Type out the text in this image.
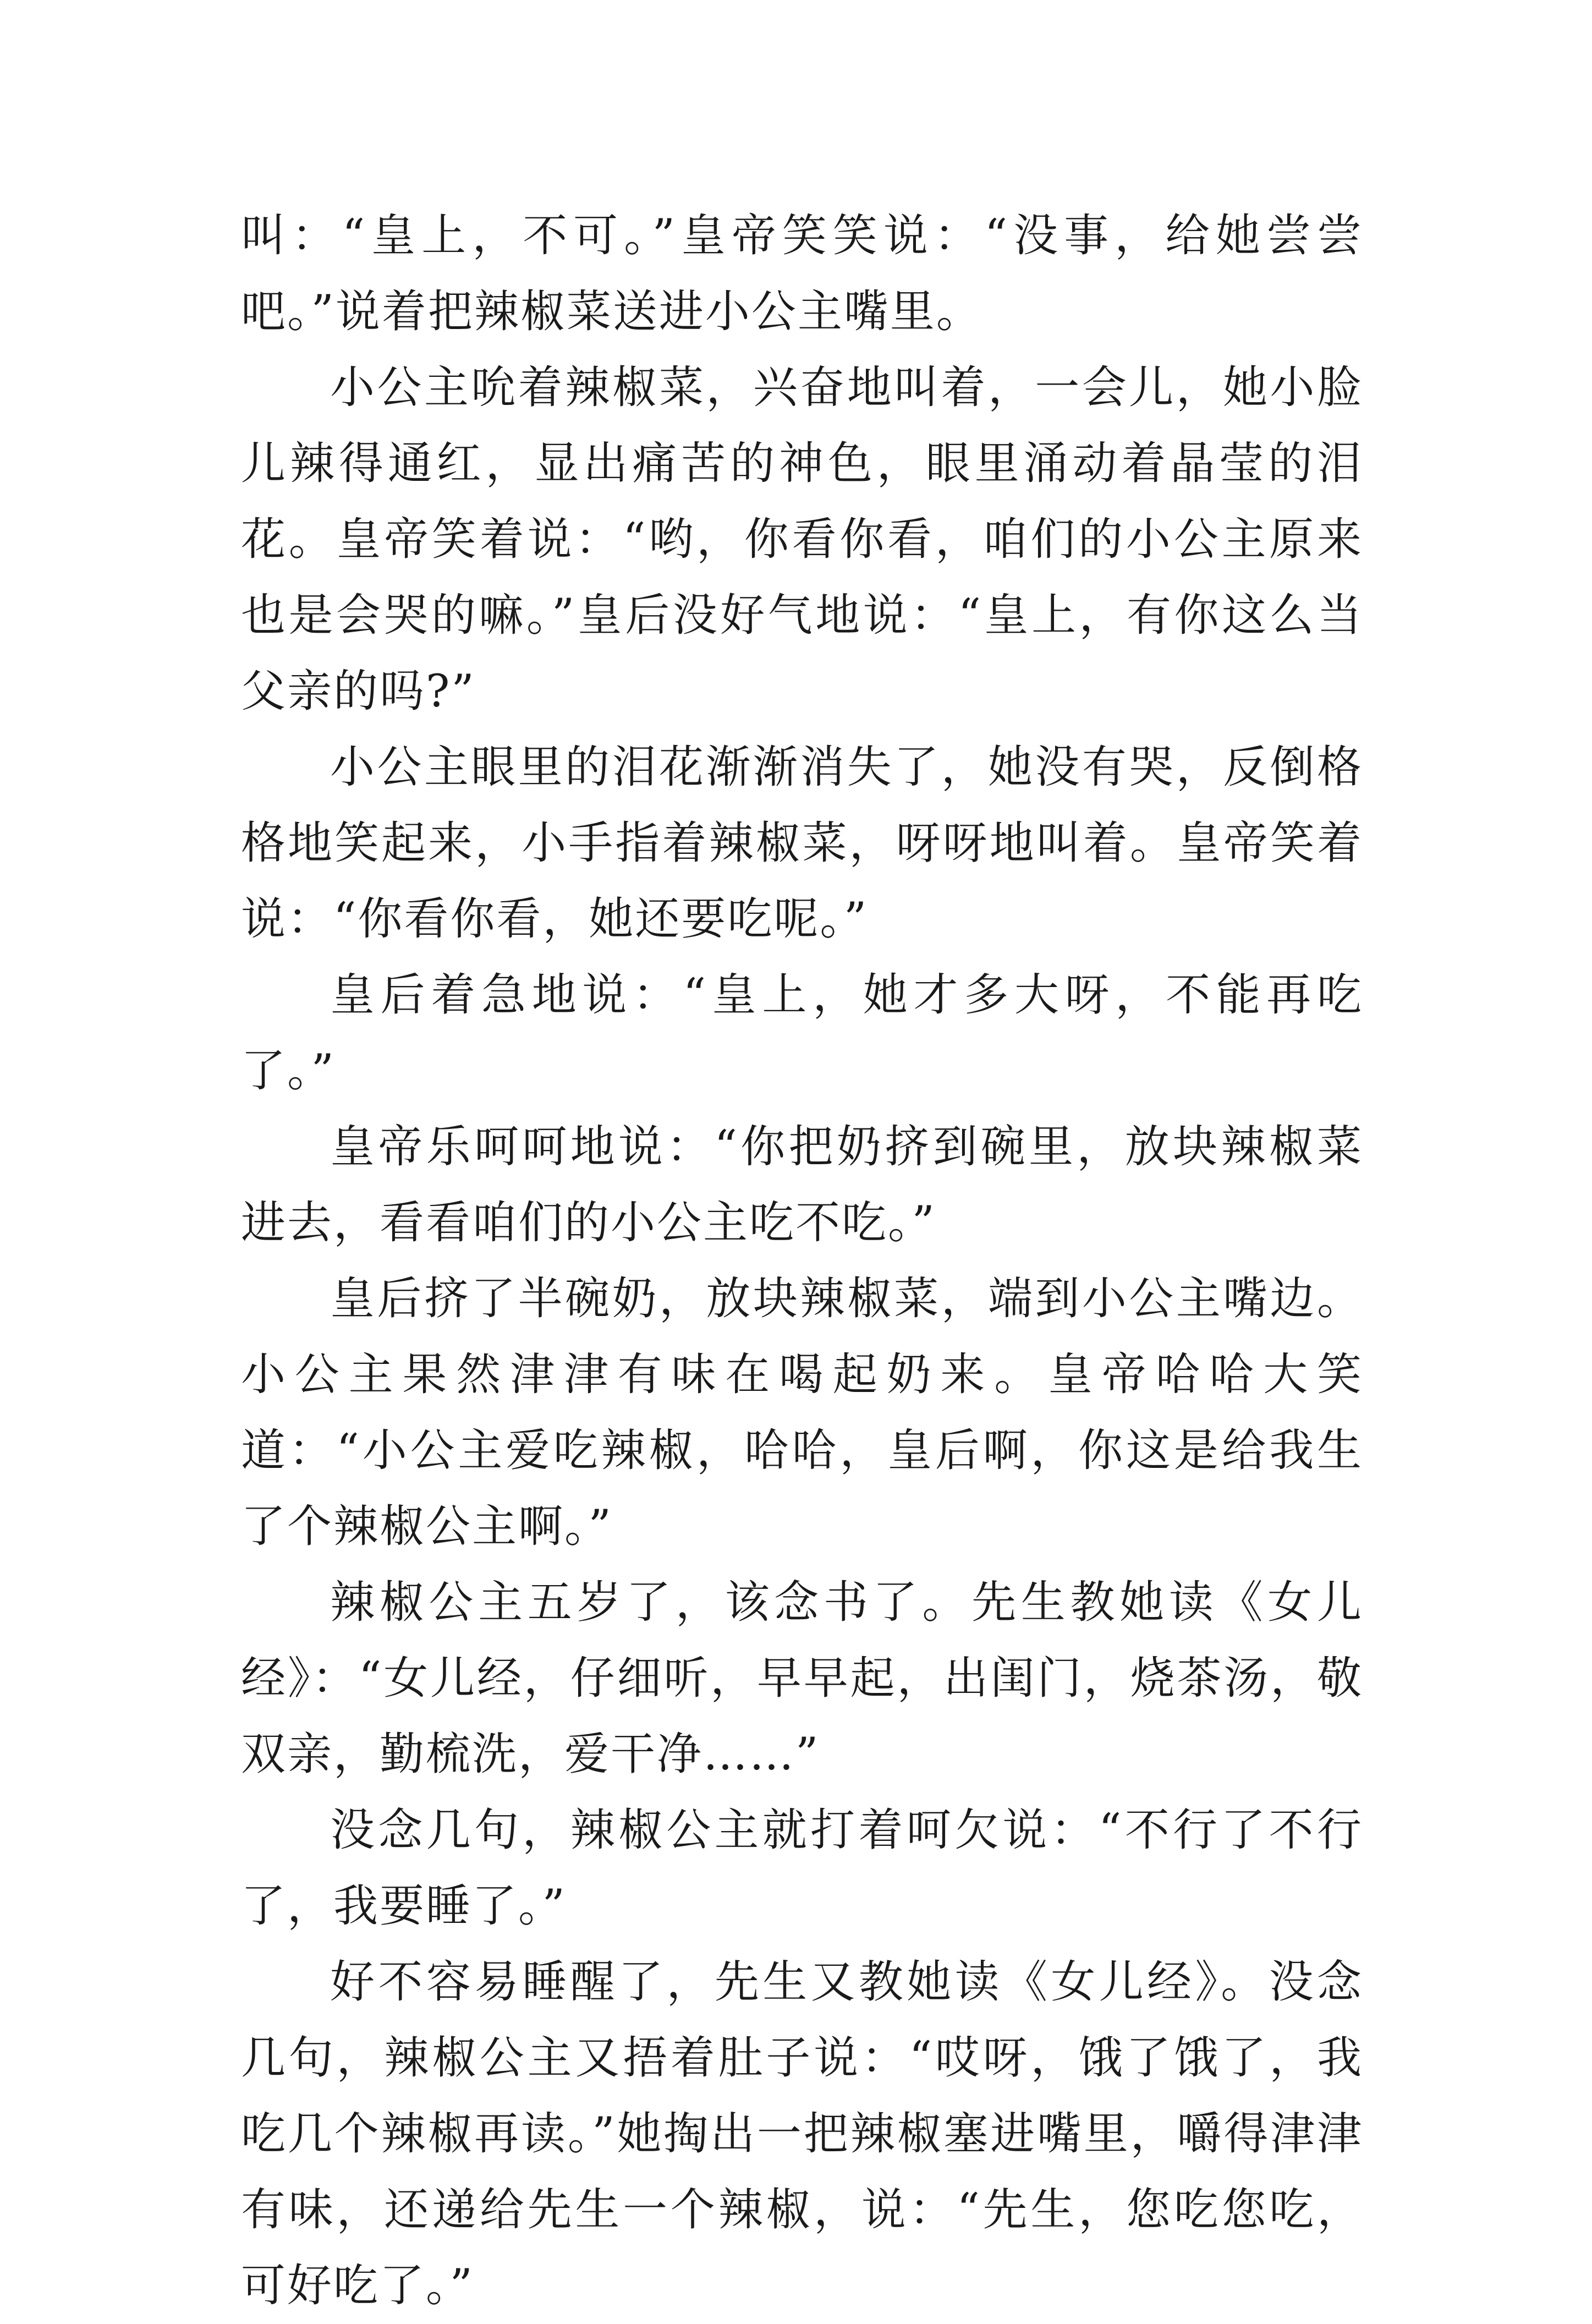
叫：“皇上，不可。”皇帝笑笑说：“没事，给她尝尝吧。”说着把辣椒菜送进小公主嘴里。

小公主吮着辣椒菜，兴奋地叫着，一会儿，她小脸儿辣得通红，显出痛苦的神色，眼里涌动着晶莹的泪花。皇帝笑着说：“哟，你看你看，咱们的小公主原来也是会哭的嘛。”皇后没好气地说：“皇上，有你这么当父亲的吗?”

小公主眼里的泪花渐渐消失了，她没有哭，反倒格格地笑起来，小手指着辣椒菜，呀呀地叫着。皇帝笑着说：“你看你看，她还要吃呢。”

皇后着急地说：“皇上，她才多大呀，不能再吃了。”

皇帝乐呵呵地说：“你把奶挤到碗里，放块辣椒菜进去，看看咱们的小公主吃不吃。”

皇后挤了半碗奶，放块辣椒菜，端到小公主嘴边。小公主果然津津有味在喝起奶来。皇帝哈哈大笑道：“小公主爱吃辣椒，哈哈，皇后啊，你这是给我生了个辣椒公主啊。”

辣椒公主五岁了，该念书了。先生教她读《女儿经》：“女儿经，仔细听，早早起，出闺门，烧茶汤，敬双亲，勤梳洗，爱干净……”

没念几句，辣椒公主就打着呵欠说：“不行了不行了，我要睡了。”

好不容易睡醒了，先生又教她读《女儿经》。没念几句，辣椒公主又捂着肚子说：“哎呀，饿了饿了，我吃几个辣椒再读。”她掏出一把辣椒塞进嘴里，嚼得津津有味，还递给先生一个辣椒，说：“先生，您吃您吃，可好吃了。”
